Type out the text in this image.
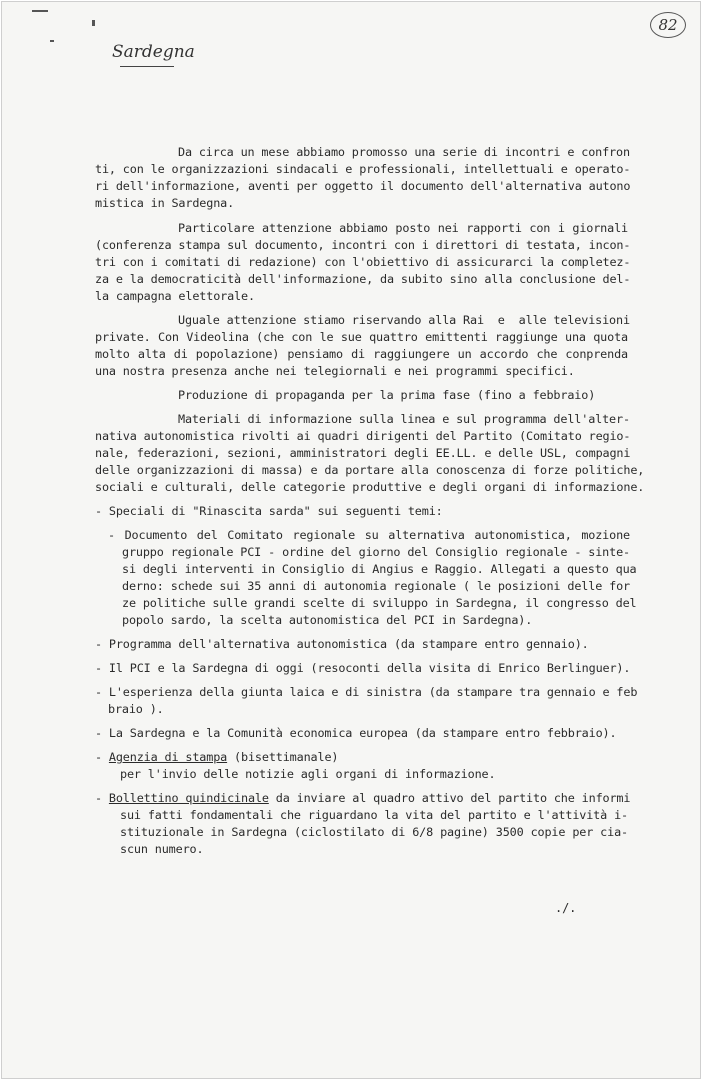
Sardegna
82
Da circa un mese abbiamo promosso una serie di incontri e confron
ti, con le organizzazioni sindacali e professionali, intellettuali e operato-
ri dell'informazione, aventi per oggetto il documento dell'alternativa autono
mistica in Sardegna.
Particolare attenzione abbiamo posto nei rapporti con i giornali
(conferenza stampa sul documento, incontri con i direttori di testata, incon-
tri con i comitati di redazione) con l'obiettivo di assicurarci la completez-
za e la democraticità dell'informazione, da subito sino alla conclusione del-
la campagna elettorale.
Uguale attenzione stiamo riservando alla Rai  e  alle televisioni
private. Con Videolina (che con le sue quattro emittenti raggiunge una quota
molto alta di popolazione) pensiamo di raggiungere un accordo che conprenda
una nostra presenza anche nei telegiornali e nei programmi specifici.
Produzione di propaganda per la prima fase (fino a febbraio)
Materiali di informazione sulla linea e sul programma dell'alter-
nativa autonomistica rivolti ai quadri dirigenti del Partito (Comitato regio-
nale, federazioni, sezioni, amministratori degli EE.LL. e delle USL, compagni
delle organizzazioni di massa) e da portare alla conoscenza di forze politiche,
sociali e culturali, delle categorie produttive e degli organi di informazione.
- Speciali di "Rinascita sarda" sui seguenti temi:
- Documento del Comitato regionale su alternativa autonomistica, mozione
gruppo regionale PCI - ordine del giorno del Consiglio regionale - sinte-
si degli interventi in Consiglio di Angius e Raggio. Allegati a questo qua
derno: schede sui 35 anni di autonomia regionale ( le posizioni delle for
ze politiche sulle grandi scelte di sviluppo in Sardegna, il congresso del
popolo sardo, la scelta autonomistica del PCI in Sardegna).
- Programma dell'alternativa autonomistica (da stampare entro gennaio).
- Il PCI e la Sardegna di oggi (resoconti della visita di Enrico Berlinguer).
- L'esperienza della giunta laica e di sinistra (da stampare tra gennaio e feb
braio ).
- La Sardegna e la Comunità economica europea (da stampare entro febbraio).
- Agenzia di stampa (bisettimanale)
per l'invio delle notizie agli organi di informazione.
- Bollettino quindicinale da inviare al quadro attivo del partito che informi
sui fatti fondamentali che riguardano la vita del partito e l'attività i-
stituzionale in Sardegna (ciclostilato di 6/8 pagine) 3500 copie per cia-
scun numero.
./.
